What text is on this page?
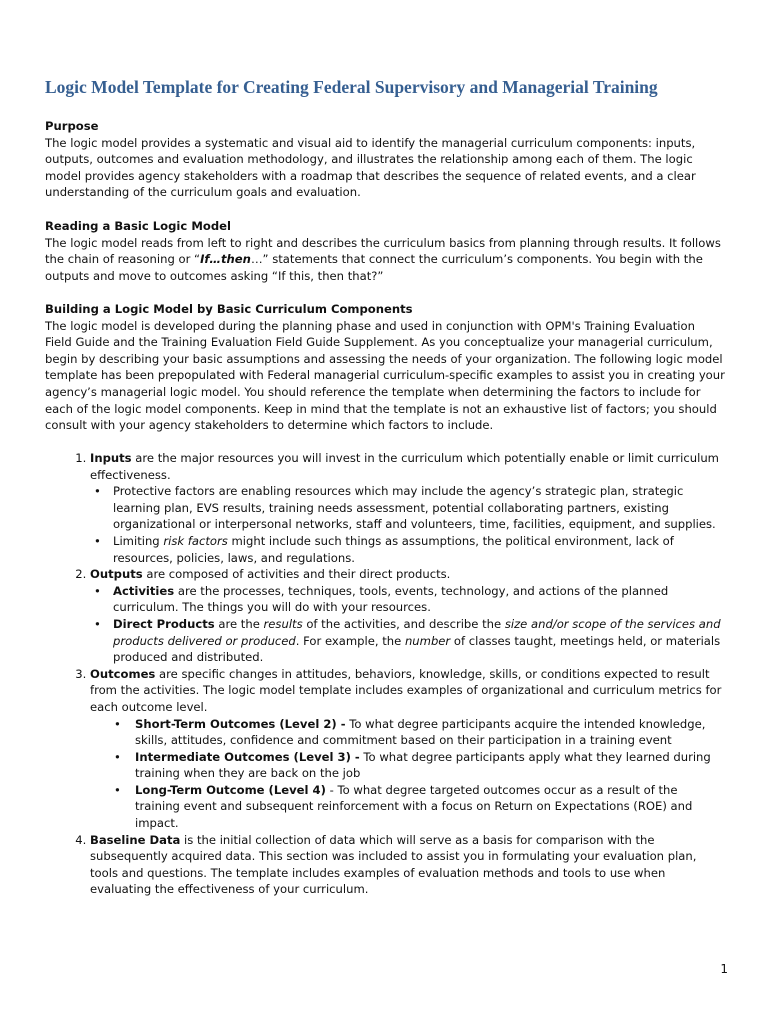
Logic Model Template for Creating Federal Supervisory and Managerial Training
Purpose

The logic model provides a systematic and visual aid to identify the managerial curriculum components: inputs, outputs, outcomes and evaluation methodology, and illustrates the relationship among each of them. The logic model provides agency stakeholders with a roadmap that describes the sequence of related events, and a clear understanding of the curriculum goals and evaluation.

Reading a Basic Logic Model

The logic model reads from left to right and describes the curriculum basics from planning through results. It follows the chain of reasoning or “If…then…” statements that connect the curriculum’s components. You begin with the outputs and move to outcomes asking “If this, then that?”

Building a Logic Model by Basic Curriculum Components

The logic model is developed during the planning phase and used in conjunction with OPM's Training Evaluation Field Guide and the Training Evaluation Field Guide Supplement. As you conceptualize your managerial curriculum, begin by describing your basic assumptions and assessing the needs of your organization. The following logic model template has been prepopulated with Federal managerial curriculum-specific examples to assist you in creating your agency’s managerial logic model. You should reference the template when determining the factors to include for each of the logic model components. Keep in mind that the template is not an exhaustive list of factors; you should consult with your agency stakeholders to determine which factors to include.

1. Inputs are the major resources you will invest in the curriculum which potentially enable or limit curriculum effectiveness.
• Protective factors are enabling resources which may include the agency’s strategic plan, strategic learning plan, EVS results, training needs assessment, potential collaborating partners, existing organizational or interpersonal networks, staff and volunteers, time, facilities, equipment, and supplies.
• Limiting risk factors might include such things as assumptions, the political environment, lack of resources, policies, laws, and regulations.
2. Outputs are composed of activities and their direct products.
• Activities are the processes, techniques, tools, events, technology, and actions of the planned curriculum. The things you will do with your resources.
• Direct Products are the results of the activities, and describe the size and/or scope of the services and products delivered or produced. For example, the number of classes taught, meetings held, or materials produced and distributed.
3. Outcomes are specific changes in attitudes, behaviors, knowledge, skills, or conditions expected to result from the activities. The logic model template includes examples of organizational and curriculum metrics for each outcome level.
• Short-Term Outcomes (Level 2) - To what degree participants acquire the intended knowledge, skills, attitudes, confidence and commitment based on their participation in a training event
• Intermediate Outcomes (Level 3) - To what degree participants apply what they learned during training when they are back on the job
• Long-Term Outcome (Level 4) - To what degree targeted outcomes occur as a result of the training event and subsequent reinforcement with a focus on Return on Expectations (ROE) and impact.
4. Baseline Data is the initial collection of data which will serve as a basis for comparison with the subsequently acquired data. This section was included to assist you in formulating your evaluation plan, tools and questions. The template includes examples of evaluation methods and tools to use when evaluating the effectiveness of your curriculum.
1
